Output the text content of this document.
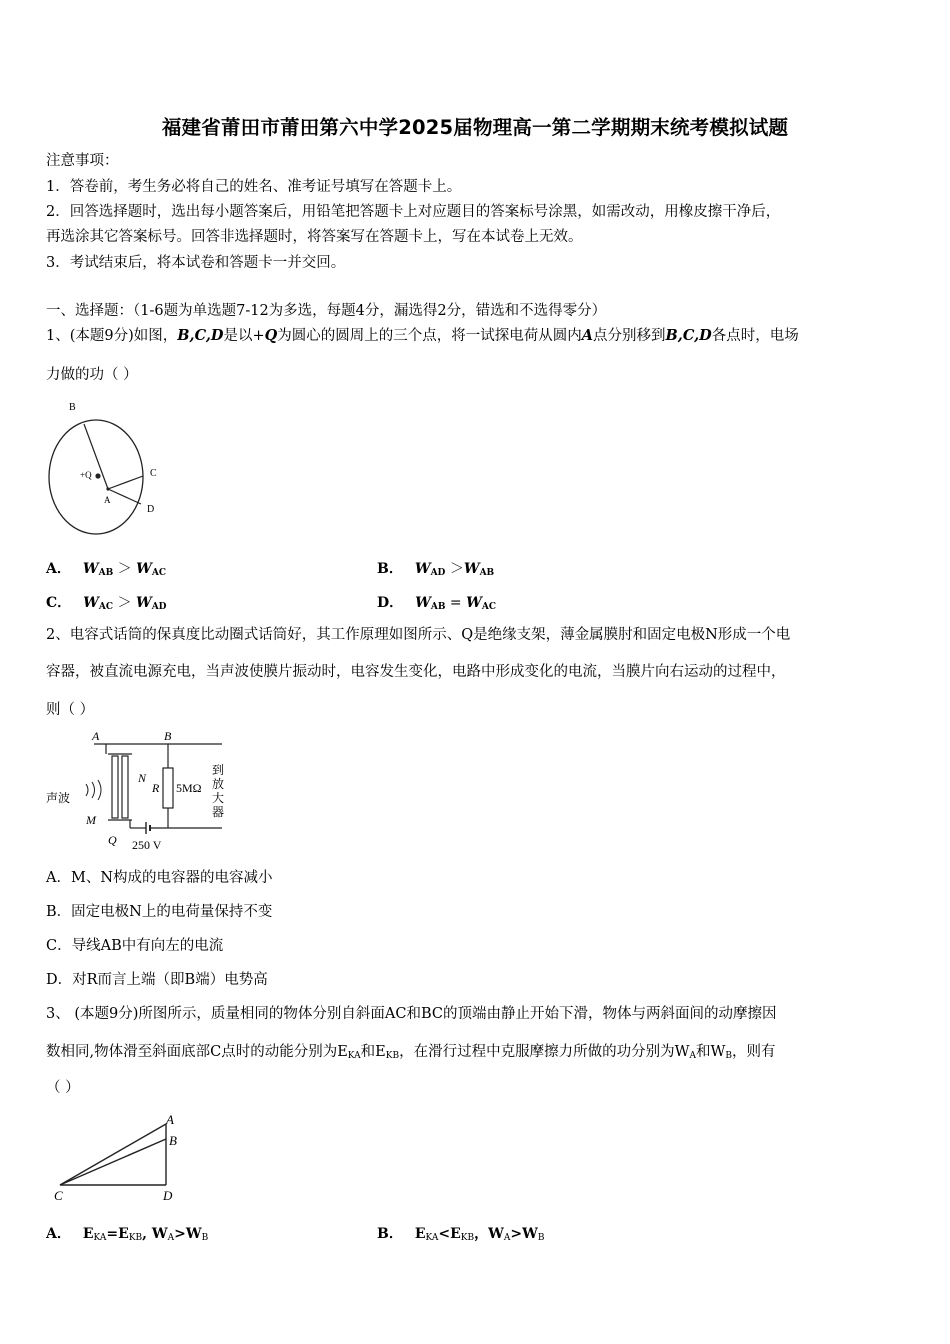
福建省莆田市莆田第六中学2025届物理高一第二学期期末统考模拟试题
注意事项：
1．答卷前，考生务必将自己的姓名、准考证号填写在答题卡上。
2．回答选择题时，选出每小题答案后，用铅笔把答题卡上对应题目的答案标号涂黑，如需改动，用橡皮擦干净后，
再选涂其它答案标号。回答非选择题时，将答案写在答题卡上，写在本试卷上无效。
3．考试结束后，将本试卷和答题卡一并交回。
一、选择题：（1-6题为单选题7-12为多选，每题4分，漏选得2分，错选和不选得零分）
1、(本题9分)如图，B,C,D是以+Q为圆心的圆周上的三个点，将一试探电荷从圆内A点分别移到B,C,D各点时，电场
力做的功（ ）
B
C
D
A
+Q
A． $W_{AB} > W_{AC}$	B． $W_{AD} >W_{AB}$
C． $W_{AC} > W_{AD}$	D． $W_{AB} = W_{AC}$
2、电容式话筒的保真度比动圈式话筒好，其工作原理如图所示、Q是绝缘支架，薄金属膜肘和固定电极N形成一个电
容器，被直流电源充电，当声波使膜片振动时，电容发生变化，电路中形成变化的电流，当膜片向右运动的过程中，
则（ ）
A	B
N
R 5MΩ
声波
M
Q 250 V
到
放
大
器
A．M、N构成的电容器的电容减小
B．固定电极N上的电荷量保持不变
C．导线AB中有向左的电流
D．对R而言上端（即B端）电势高
3、 (本题9分)所图所示，质量相同的物体分别自斜面AC和BC的顶端由静止开始下滑，物体与两斜面间的动摩擦因
数相同,物体滑至斜面底部C点时的动能分别为$E_{KA}$和$E_{KB}$，在滑行过程中克服摩擦力所做的功分别为$W_A$和$W_B$，则有
（ ）
A
B
C	D
A． $E_{KA}=E_{KB}$, $W_A>W_B$	B． $E_{KA}<E_{KB}$，$W_A>W_B$
